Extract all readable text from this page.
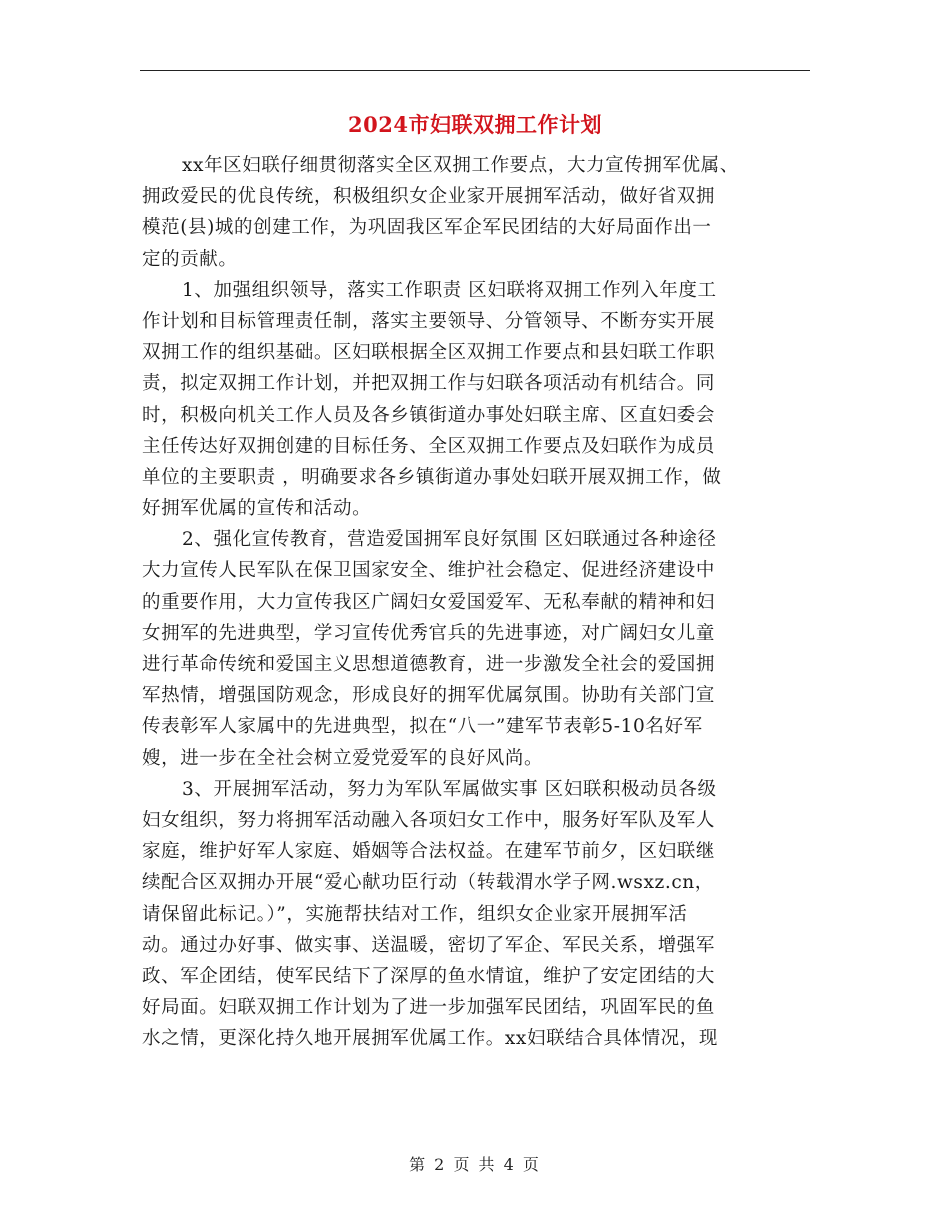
2024市妇联双拥工作计划
xx年区妇联仔细贯彻落实全区双拥工作要点，大力宣传拥军优属、
拥政爱民的优良传统，积极组织女企业家开展拥军活动，做好省双拥
模范(县)城的创建工作，为巩固我区军企军民团结的大好局面作出一
定的贡献。
1、加强组织领导，落实工作职责 区妇联将双拥工作列入年度工
作计划和目标管理责任制，落实主要领导、分管领导、不断夯实开展
双拥工作的组织基础。区妇联根据全区双拥工作要点和县妇联工作职
责，拟定双拥工作计划，并把双拥工作与妇联各项活动有机结合。同
时，积极向机关工作人员及各乡镇街道办事处妇联主席、区直妇委会
主任传达好双拥创建的目标任务、全区双拥工作要点及妇联作为成员
单位的主要职责 ，明确要求各乡镇街道办事处妇联开展双拥工作，做
好拥军优属的宣传和活动。
2、强化宣传教育，营造爱国拥军良好氛围 区妇联通过各种途径
大力宣传人民军队在保卫国家安全、维护社会稳定、促进经济建设中
的重要作用，大力宣传我区广阔妇女爱国爱军、无私奉献的精神和妇
女拥军的先进典型，学习宣传优秀官兵的先进事迹，对广阔妇女儿童
进行革命传统和爱国主义思想道德教育，进一步激发全社会的爱国拥
军热情，增强国防观念，形成良好的拥军优属氛围。协助有关部门宣
传表彰军人家属中的先进典型，拟在“八一”建军节表彰5-10名好军
嫂，进一步在全社会树立爱党爱军的良好风尚。
3、开展拥军活动，努力为军队军属做实事 区妇联积极动员各级
妇女组织，努力将拥军活动融入各项妇女工作中，服务好军队及军人
家庭，维护好军人家庭、婚姻等合法权益。在建军节前夕，区妇联继
续配合区双拥办开展“爱心献功臣行动（转载渭水学子网.wsxz.cn，
请保留此标记。）”，实施帮扶结对工作，组织女企业家开展拥军活
动。通过办好事、做实事、送温暖，密切了军企、军民关系，增强军
政、军企团结，使军民结下了深厚的鱼水情谊，维护了安定团结的大
好局面。妇联双拥工作计划为了进一步加强军民团结，巩固军民的鱼
水之情，更深化持久地开展拥军优属工作。xx妇联结合具体情况，现
第 2 页 共 4 页
